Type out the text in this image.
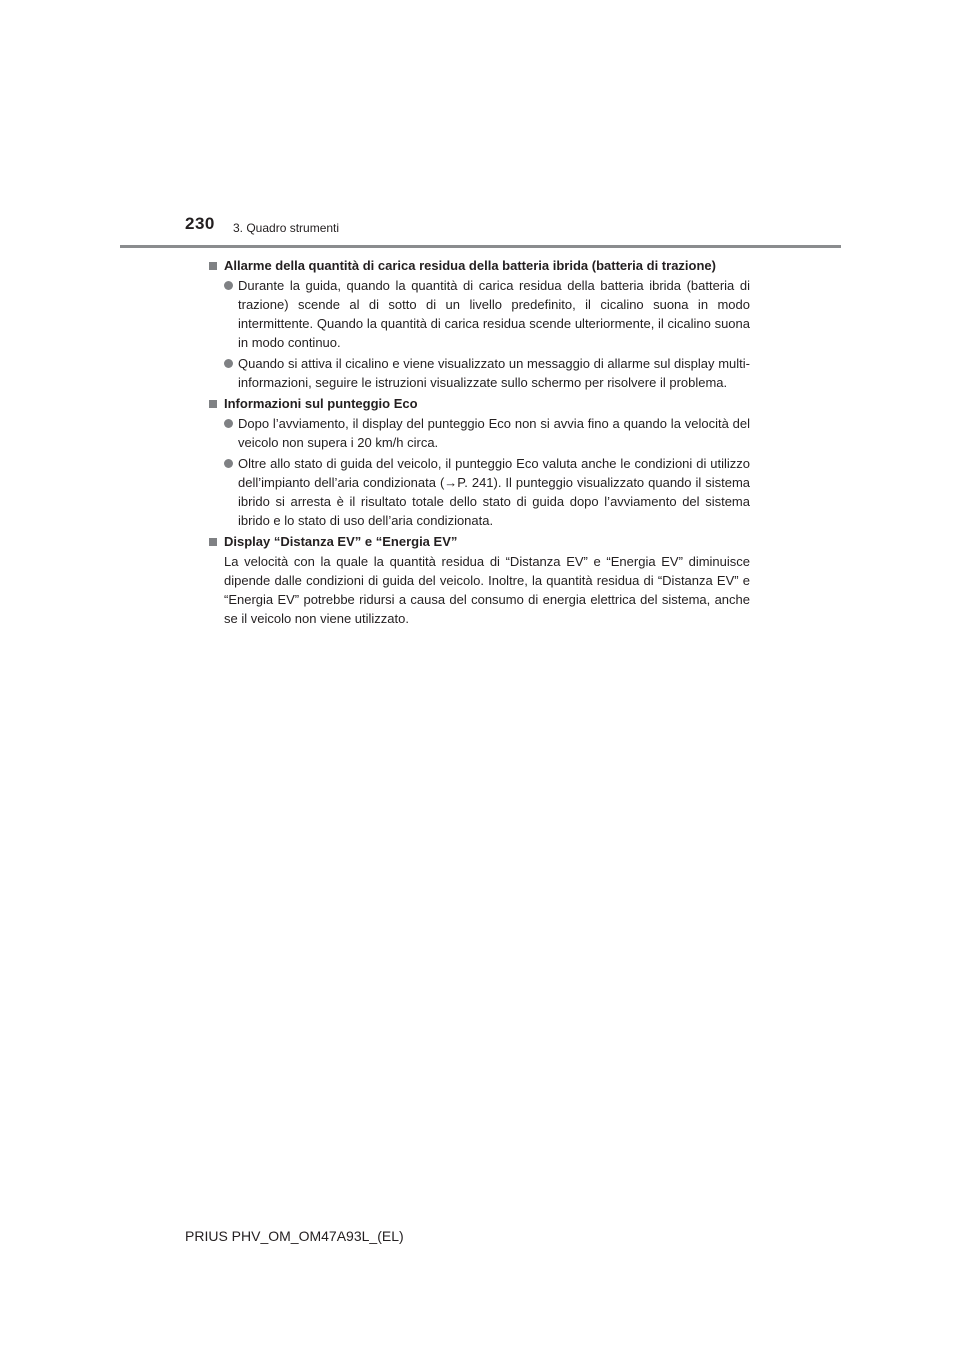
230 3. Quadro strumenti
Allarme della quantità di carica residua della batteria ibrida (batteria di trazione)

Durante la guida, quando la quantità di carica residua della batteria ibrida (batteria di trazione) scende al di sotto di un livello predefinito, il cicalino suona in modo intermittente. Quando la quantità di carica residua scende ulteriormente, il cicalino suona in modo continuo.

Quando si attiva il cicalino e viene visualizzato un messaggio di allarme sul display multi-informazioni, seguire le istruzioni visualizzate sullo schermo per risolvere il problema.

Informazioni sul punteggio Eco

Dopo l’avviamento, il display del punteggio Eco non si avvia fino a quando la velocità del veicolo non supera i 20 km/h circa.

Oltre allo stato di guida del veicolo, il punteggio Eco valuta anche le condizioni di utilizzo dell’impianto dell’aria condizionata (→P. 241). Il punteggio visualizzato quando il sistema ibrido si arresta è il risultato totale dello stato di guida dopo l’avviamento del sistema ibrido e lo stato di uso dell’aria condizionata.

Display “Distanza EV” e “Energia EV”

La velocità con la quale la quantità residua di “Distanza EV” e “Energia EV” diminuisce dipende dalle condizioni di guida del veicolo. Inoltre, la quantità residua di “Distanza EV” e “Energia EV” potrebbe ridursi a causa del consumo di energia elettrica del sistema, anche se il veicolo non viene utilizzato.

PRIUS PHV_OM_OM47A93L_(EL)
